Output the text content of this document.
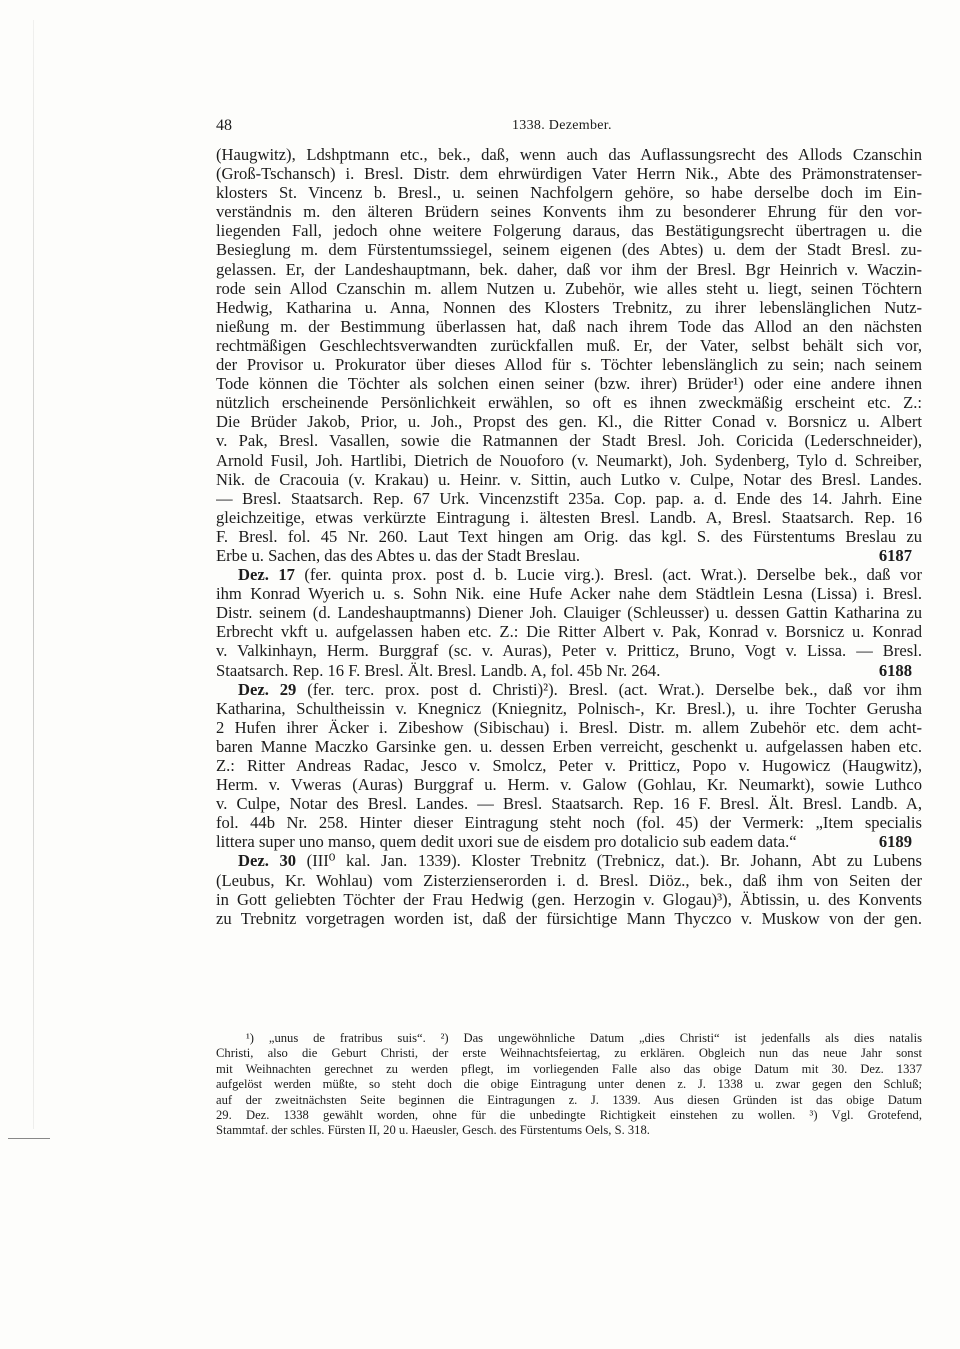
48	1338. Dezember.
(Haugwitz), Ldshptmann etc., bek., daß, wenn auch das Auflassungsrecht des Allods Czanschin
(Groß-Tschansch) i. Bresl. Distr. dem ehrwürdigen Vater Herrn Nik., Abte des Prämonstratenser-
klosters St. Vincenz b. Bresl., u. seinen Nachfolgern gehöre, so habe derselbe doch im Ein-
verständnis m. den älteren Brüdern seines Konvents ihm zu besonderer Ehrung für den vor-
liegenden Fall, jedoch ohne weitere Folgerung daraus, das Bestätigungsrecht übertragen u. die
Besieglung m. dem Fürstentumssiegel, seinem eigenen (des Abtes) u. dem der Stadt Bresl. zu-
gelassen. Er, der Landeshauptmann, bek. daher, daß vor ihm der Bresl. Bgr Heinrich v. Waczin-
rode sein Allod Czanschin m. allem Nutzen u. Zubehör, wie alles steht u. liegt, seinen Töchtern
Hedwig, Katharina u. Anna, Nonnen des Klosters Trebnitz, zu ihrer lebenslänglichen Nutz-
nießung m. der Bestimmung überlassen hat, daß nach ihrem Tode das Allod an den nächsten
rechtmäßigen Geschlechtsverwandten zurückfallen muß. Er, der Vater, selbst behält sich vor,
der Provisor u. Prokurator über dieses Allod für s. Töchter lebenslänglich zu sein; nach seinem
Tode können die Töchter als solchen einen seiner (bzw. ihrer) Brüder¹) oder eine andere ihnen
nützlich erscheinende Persönlichkeit erwählen, so oft es ihnen zweckmäßig erscheint etc. Z.:
Die Brüder Jakob, Prior, u. Joh., Propst des gen. Kl., die Ritter Conad v. Borsnicz u. Albert
v. Pak, Bresl. Vasallen, sowie die Ratmannen der Stadt Bresl. Joh. Coricida (Lederschneider),
Arnold Fusil, Joh. Hartlibi, Dietrich de Nouoforo (v. Neumarkt), Joh. Sydenberg, Tylo d. Schreiber,
Nik. de Cracouia (v. Krakau) u. Heinr. v. Sittin, auch Lutko v. Culpe, Notar des Bresl. Landes.
— Bresl. Staatsarch. Rep. 67 Urk. Vincenzstift 235a. Cop. pap. a. d. Ende des 14. Jahrh. Eine
gleichzeitige, etwas verkürzte Eintragung i. ältesten Bresl. Landb. A, Bresl. Staatsarch. Rep. 16
F. Bresl. fol. 45 Nr. 260. Laut Text hingen am Orig. das kgl. S. des Fürstentums Breslau zu
Erbe u. Sachen, das des Abtes u. das der Stadt Breslau.	6187
Dez. 17 (fer. quinta prox. post d. b. Lucie virg.). Bresl. (act. Wrat.). Derselbe bek., daß vor
ihm Konrad Wyerich u. s. Sohn Nik. eine Hufe Acker nahe dem Städtlein Lesna (Lissa) i. Bresl.
Distr. seinem (d. Landeshauptmanns) Diener Joh. Clauiger (Schleusser) u. dessen Gattin Katharina zu
Erbrecht vkft u. aufgelassen haben etc. Z.: Die Ritter Albert v. Pak, Konrad v. Borsnicz u. Konrad
v. Valkinhayn, Herm. Burggraf (sc. v. Auras), Peter v. Pritticz, Bruno, Vogt v. Lissa. — Bresl.
Staatsarch. Rep. 16 F. Bresl. Ält. Bresl. Landb. A, fol. 45b Nr. 264.	6188
Dez. 29 (fer. terc. prox. post d. Christi)²). Bresl. (act. Wrat.). Derselbe bek., daß vor ihm
Katharina, Schultheissin v. Knegnicz (Kniegnitz, Polnisch-, Kr. Bresl.), u. ihre Tochter Gerusha
2 Hufen ihrer Äcker i. Zibeshow (Sibischau) i. Bresl. Distr. m. allem Zubehör etc. dem acht-
baren Manne Maczko Garsinke gen. u. dessen Erben verreicht, geschenkt u. aufgelassen haben etc.
Z.: Ritter Andreas Radac, Jesco v. Smolcz, Peter v. Pritticz, Popo v. Hugowicz (Haugwitz),
Herm. v. Vweras (Auras) Burggraf u. Herm. v. Galow (Gohlau, Kr. Neumarkt), sowie Luthco
v. Culpe, Notar des Bresl. Landes. — Bresl. Staatsarch. Rep. 16 F. Bresl. Ält. Bresl. Landb. A,
fol. 44b Nr. 258. Hinter dieser Eintragung steht noch (fol. 45) der Vermerk: „Item specialis
littera super uno manso, quem dedit uxori sue de eisdem pro dotalicio sub eadem data.“	6189
Dez. 30 (III⁰ kal. Jan. 1339). Kloster Trebnitz (Trebnicz, dat.). Br. Johann, Abt zu Lubens
(Leubus, Kr. Wohlau) vom Zisterzienserorden i. d. Bresl. Diöz., bek., daß ihm von Seiten der
in Gott geliebten Töchter der Frau Hedwig (gen. Herzogin v. Glogau)³), Äbtissin, u. des Konvents
zu Trebnitz vorgetragen worden ist, daß der fürsichtige Mann Thyczco v. Muskow von der gen.
¹) „unus de fratribus suis“. ²) Das ungewöhnliche Datum „dies Christi“ ist jedenfalls als dies natalis
Christi, also die Geburt Christi, der erste Weihnachtsfeiertag, zu erklären. Obgleich nun das neue Jahr sonst
mit Weihnachten gerechnet zu werden pflegt, im vorliegenden Falle also das obige Datum mit 30. Dez. 1337
aufgelöst werden müßte, so steht doch die obige Eintragung unter denen z. J. 1338 u. zwar gegen den Schluß;
auf der zweitnächsten Seite beginnen die Eintragungen z. J. 1339. Aus diesen Gründen ist das obige Datum
29. Dez. 1338 gewählt worden, ohne für die unbedingte Richtigkeit einstehen zu wollen. ³) Vgl. Grotefend,
Stammtaf. der schles. Fürsten II, 20 u. Haeusler, Gesch. des Fürstentums Oels, S. 318.
